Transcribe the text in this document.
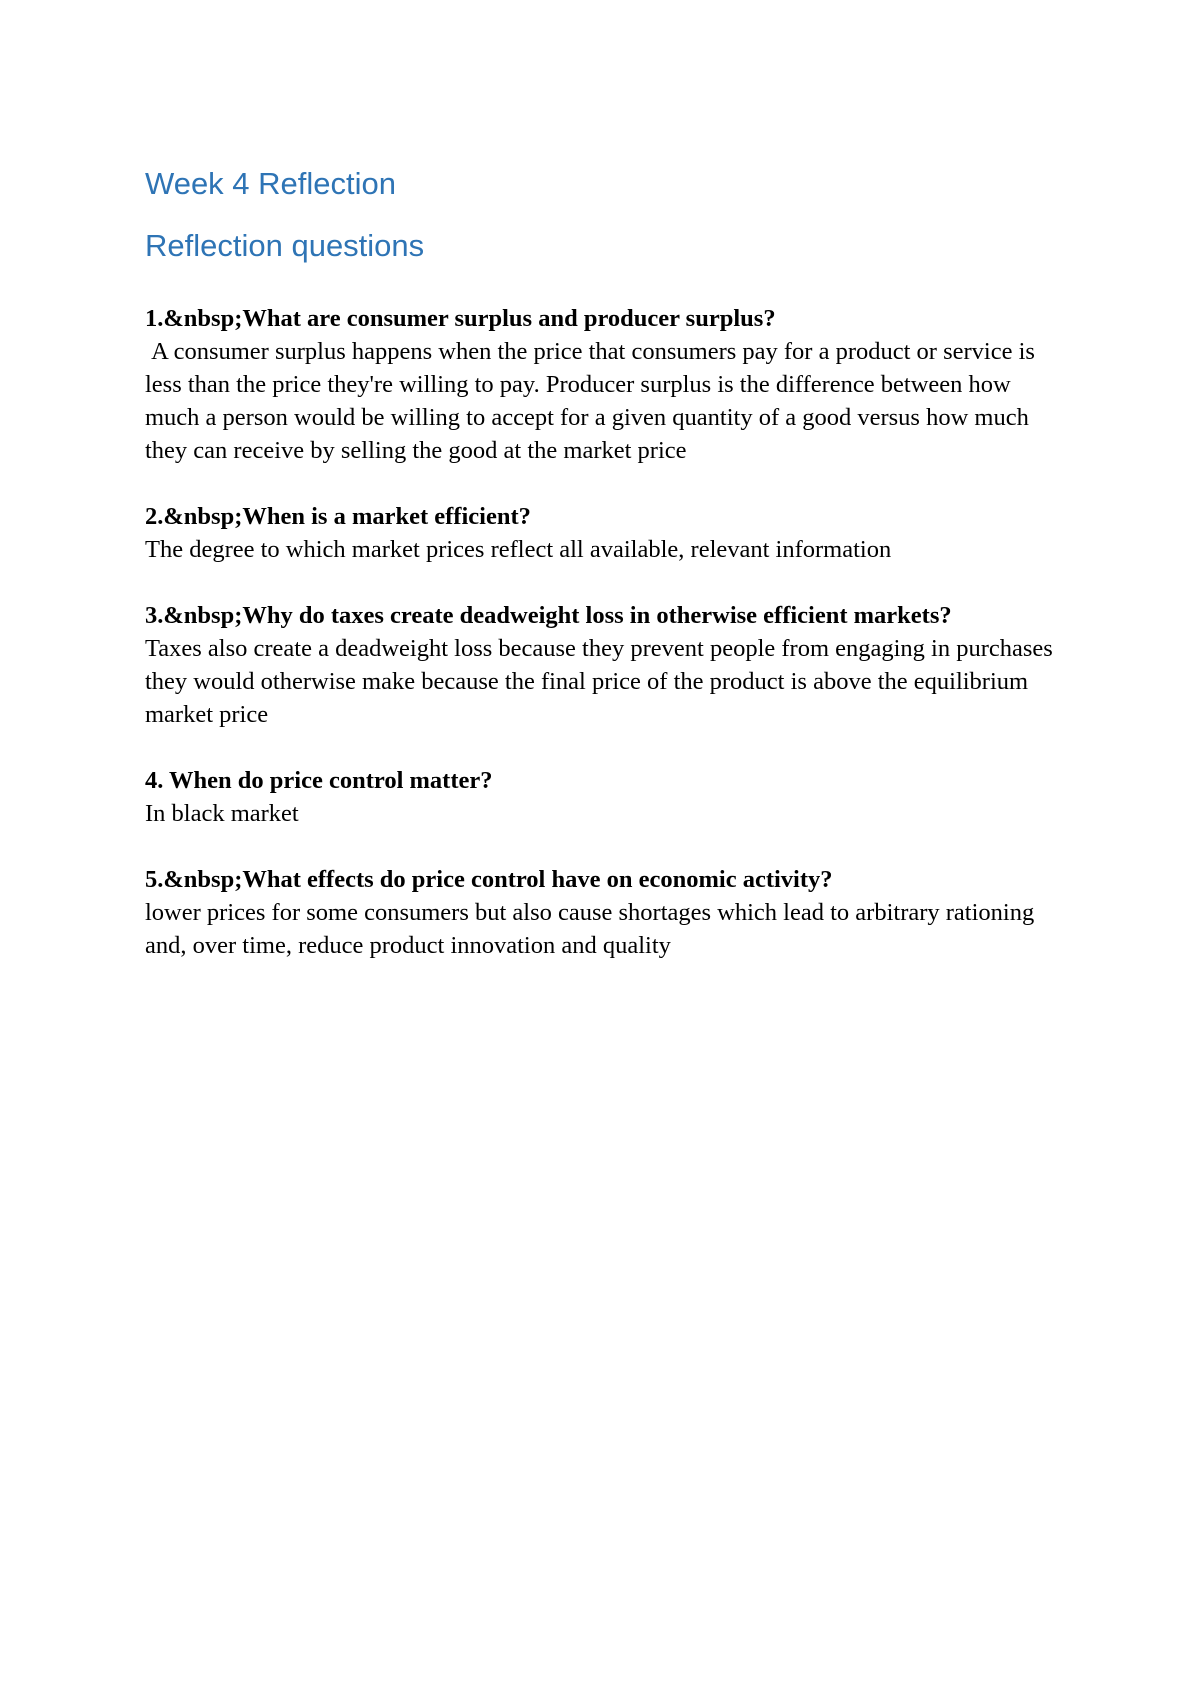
Week 4 Reflection
Reflection questions

1.&nbsp;What are consumer surplus and producer surplus?

A consumer surplus happens when the price that consumers pay for a product or service is less than the price they're willing to pay. Producer surplus is the difference between how much a person would be willing to accept for a given quantity of a good versus how much they can receive by selling the good at the market price

2.&nbsp;When is a market efficient?

The degree to which market prices reflect all available, relevant information

3.&nbsp;Why do taxes create deadweight loss in otherwise efficient markets?

Taxes also create a deadweight loss because they prevent people from engaging in purchases they would otherwise make because the final price of the product is above the equilibrium market price

4. When do price control matter?

In black market

5.&nbsp;What effects do price control have on economic activity?

lower prices for some consumers but also cause shortages which lead to arbitrary rationing and, over time, reduce product innovation and quality
